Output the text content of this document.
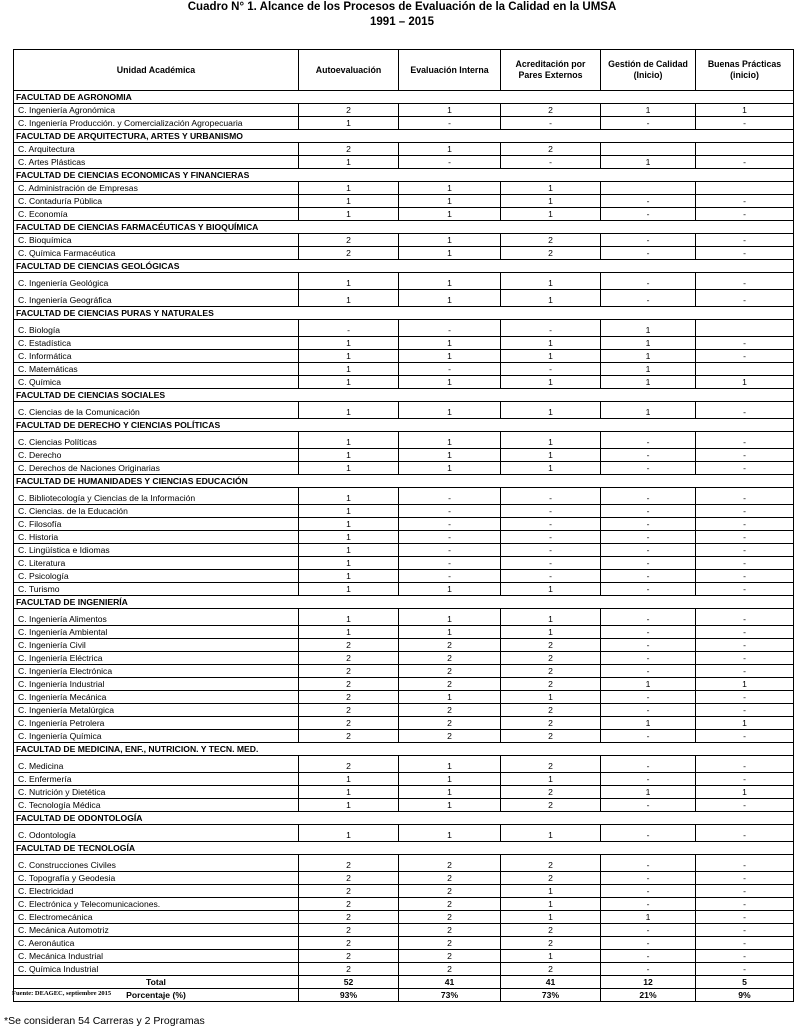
Cuadro N° 1. Alcance de los Procesos de Evaluación de la Calidad en la UMSA
1991 – 2015
Unidad Académica	Autoevaluación	Evaluación Interna	Acreditación por Pares Externos	Gestión de Calidad (Inicio)	Buenas Prácticas (inicio)
FACULTAD DE AGRONOMIA					
C. Ingeniería Agronómica	2	1	2	1	1
C. Ingeniería Producción. y Comercialización Agropecuaria	1	-	-	-	-
FACULTAD DE ARQUITECTURA, ARTES Y URBANISMO					
C. Arquitectura	2	1	2		
C. Artes Plásticas	1	-	-	1	-
FACULTAD DE CIENCIAS ECONOMICAS Y FINANCIERAS					
C. Administración de Empresas	1	1	1		
C. Contaduría Pública	1	1	1	-	-
C. Economía	1	1	1	-	-
FACULTAD DE CIENCIAS FARMACÉUTICAS Y BIOQUÍMICA					
C. Bioquímica	2	1	2	-	-
C. Química Farmacéutica	2	1	2	-	-
FACULTAD DE CIENCIAS GEOLÓGICAS					
C. Ingeniería Geológica	1	1	1	-	-
C. Ingeniería Geográfica	1	1	1	-	-
FACULTAD DE CIENCIAS PURAS Y NATURALES					
C. Biología	-	-	-	1	
C. Estadística	1	1	1	1	-
C. Informática	1	1	1	1	-
C. Matemáticas	1	-	-	1	
C. Química	1	1	1	1	1
FACULTAD DE CIENCIAS SOCIALES					
C. Ciencias de la Comunicación	1	1	1	1	-
FACULTAD DE DERECHO Y CIENCIAS POLÍTICAS					
C. Ciencias Políticas	1	1	1	-	-
C. Derecho	1	1	1	-	-
C. Derechos de Naciones Originarias	1	1	1	-	-
FACULTAD DE HUMANIDADES Y CIENCIAS EDUCACIÓN					
C. Bibliotecología y Ciencias de la Información	1	-	-	-	-
C. Ciencias. de la Educación	1	-	-	-	-
C. Filosofía	1	-	-	-	-
C. Historia	1	-	-	-	-
C. Lingüística e Idiomas	1	-	-	-	-
C. Literatura	1	-	-	-	-
C. Psicología	1	-	-	-	-
C. Turismo	1	1	1	-	-
FACULTAD DE INGENIERÍA					
C. Ingeniería Alimentos	1	1	1	-	-
C. Ingeniería Ambiental	1	1	1	-	-
C. Ingeniería Civil	2	2	2	-	-
C. Ingeniería Eléctrica	2	2	2	-	-
C. Ingeniería Electrónica	2	2	2	-	-
C. Ingeniería Industrial	2	2	2	1	1
C. Ingeniería Mecánica	2	1	1	-	-
C. Ingeniería Metalúrgica	2	2	2	-	-
C. Ingeniería Petrolera	2	2	2	1	1
C. Ingeniería Química	2	2	2	-	-
FACULTAD DE MEDICINA, ENF., NUTRICION. Y TECN. MED.					
C. Medicina	2	1	2	-	-
C. Enfermería	1	1	1	-	-
C. Nutrición y Dietética	1	1	2	1	1
C. Tecnología Médica	1	1	2	-	-
FACULTAD DE ODONTOLOGÍA					
C. Odontología	1	1	1	-	-
FACULTAD DE TECNOLOGÍA					
C. Construcciones Civiles	2	2	2	-	-
C. Topografía y Geodesia	2	2	2	-	-
C. Electricidad	2	2	1	-	-
C. Electrónica y Telecomunicaciones.	2	2	1	-	-
C. Electromecánica	2	2	1	1	-
C. Mecánica Automotriz	2	2	2	-	-
C. Aeronáutica	2	2	2	-	-
C. Mecánica Industrial	2	2	1	-	-
C. Química Industrial	2	2	2	-	-
Total	52	41	41	12	5
Porcentaje (%)	93%	73%	73%	21%	9%
Fuente: DEAGEC, septiembre 2015
*Se consideran 54 Carreras y 2 Programas
